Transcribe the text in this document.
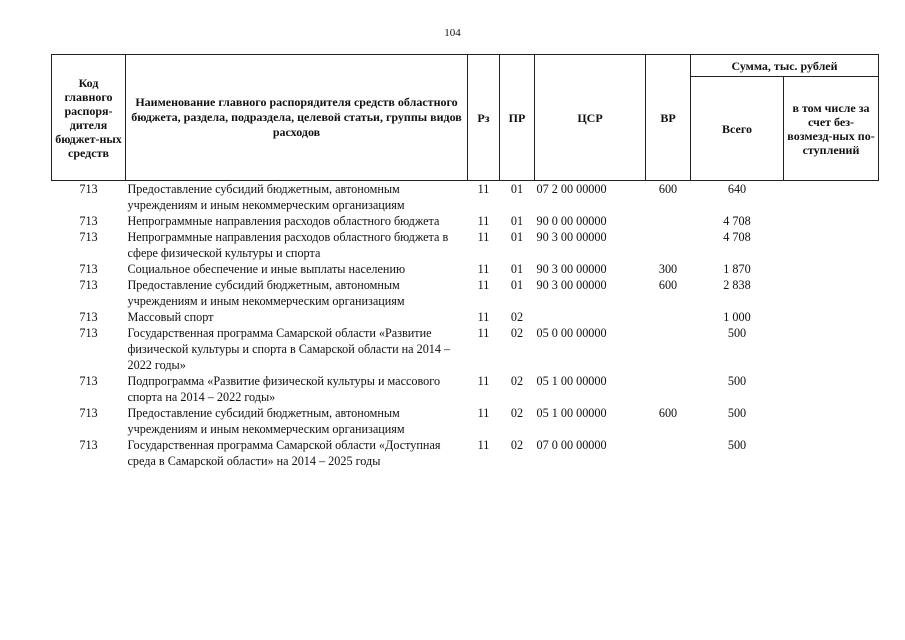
104
Код главного распоря-дителя бюджет-ных средств	Наименование главного распорядителя средств областного бюджета, раздела, подраздела, целевой статьи, группы видов расходов	Рз	ПР	ЦСР	ВР	Сумма, тыс. рублей	
						Всего	в том числе за счет без-возмезд-ных по-ступлений
713	Предоставление субсидий бюджетным, автономным учреждениям и иным некоммерческим организациям	11	01	07 2 00 00000	600	640	
713	Непрограммные направления расходов областного бюджета	11	01	90 0 00 00000		4 708	
713	Непрограммные направления расходов областного бюджета в сфере физической культуры и спорта	11	01	90 3 00 00000		4 708	
713	Социальное обеспечение и иные выплаты населению	11	01	90 3 00 00000	300	1 870	
713	Предоставление субсидий бюджетным, автономным учреждениям и иным некоммерческим организациям	11	01	90 3 00 00000	600	2 838	
713	Массовый спорт	11	02			1 000	
713	Государственная программа Самарской области «Развитие физической культуры и спорта в Самарской области на 2014 – 2022 годы»	11	02	05 0 00 00000		500	
713	Подпрограмма «Развитие физической культуры и массового спорта на 2014 – 2022 годы»	11	02	05 1 00 00000		500	
713	Предоставление субсидий бюджетным, автономным учреждениям и иным некоммерческим организациям	11	02	05 1 00 00000	600	500	
713	Государственная программа Самарской области «Доступная среда в Самарской области» на 2014 – 2025 годы	11	02	07 0 00 00000		500	
